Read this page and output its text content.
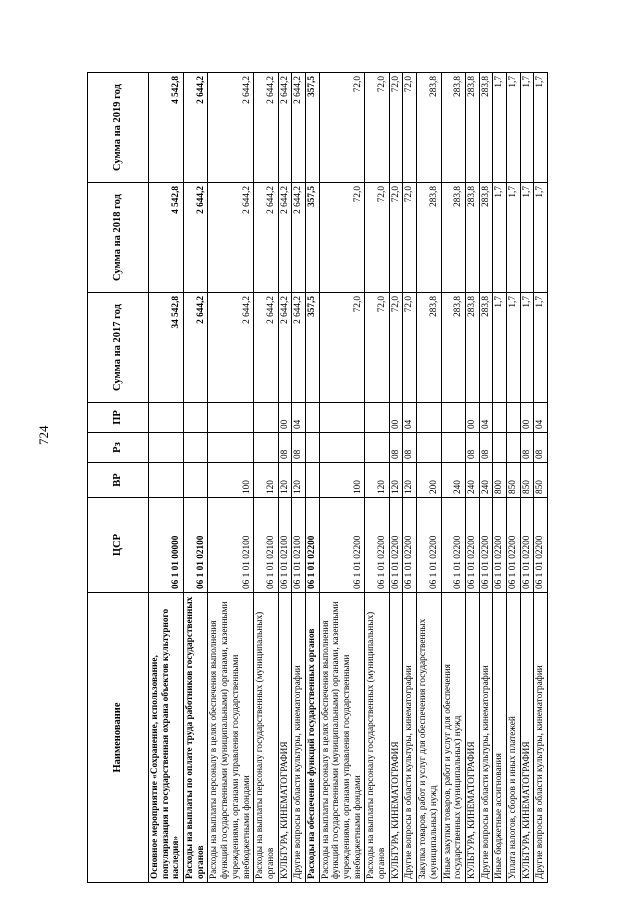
724
Наименование	ЦСР	ВР	Рз	ПР	Сумма на 2017 год	Сумма на 2018 год	Сумма на 2019 год
Основное мероприятие «Сохранение, использование, популяризация и государственная охрана объектов культурного наследия»	06 1 01 00000				34 542,8	4 542,8	4 542,8
Расходы на выплаты по оплате труда работников государственных органов	06 1 01 02100				2 644,2	2 644,2	2 644,2
Расходы на выплаты персоналу в целях обеспечения выполнения функций государственными (муниципальными) органами, казенными учреждениями, органами управления государственными внебюджетными фондами	06 1 01 02100	100			2 644,2	2 644,2	2 644,2
Расходы на выплаты персоналу государственных (муниципальных) органов	06 1 01 02100	120			2 644,2	2 644,2	2 644,2
КУЛЬТУРА, КИНЕМАТОГРАФИЯ	06 1 01 02100	120	08	00	2 644,2	2 644,2	2 644,2
Другие вопросы в области культуры, кинематографии	06 1 01 02100	120	08	04	2 644,2	2 644,2	2 644,2
Расходы на обеспечение функций государственных органов	06 1 01 02200				357,5	357,5	357,5
Расходы на выплаты персоналу в целях обеспечения выполнения функций государственными (муниципальными) органами, казенными учреждениями, органами управления государственными внебюджетными фондами	06 1 01 02200	100			72,0	72,0	72,0
Расходы на выплаты персоналу государственных (муниципальных) органов	06 1 01 02200	120			72,0	72,0	72,0
КУЛЬТУРА, КИНЕМАТОГРАФИЯ	06 1 01 02200	120	08	00	72,0	72,0	72,0
Другие вопросы в области культуры, кинематографии	06 1 01 02200	120	08	04	72,0	72,0	72,0
Закупка товаров, работ и услуг для обеспечения государственных (муниципальных) нужд	06 1 01 02200	200			283,8	283,8	283,8
Иные закупки товаров, работ и услуг для обеспечения государственных (муниципальных) нужд	06 1 01 02200	240			283,8	283,8	283,8
КУЛЬТУРА, КИНЕМАТОГРАФИЯ	06 1 01 02200	240	08	00	283,8	283,8	283,8
Другие вопросы в области культуры, кинематографии	06 1 01 02200	240	08	04	283,8	283,8	283,8
Иные бюджетные ассигнования	06 1 01 02200	800			1,7	1,7	1,7
Уплата налогов, сборов и иных платежей	06 1 01 02200	850			1,7	1,7	1,7
КУЛЬТУРА, КИНЕМАТОГРАФИЯ	06 1 01 02200	850	08	00	1,7	1,7	1,7
Другие вопросы в области культуры, кинематографии	06 1 01 02200	850	08	04	1,7	1,7	1,7
